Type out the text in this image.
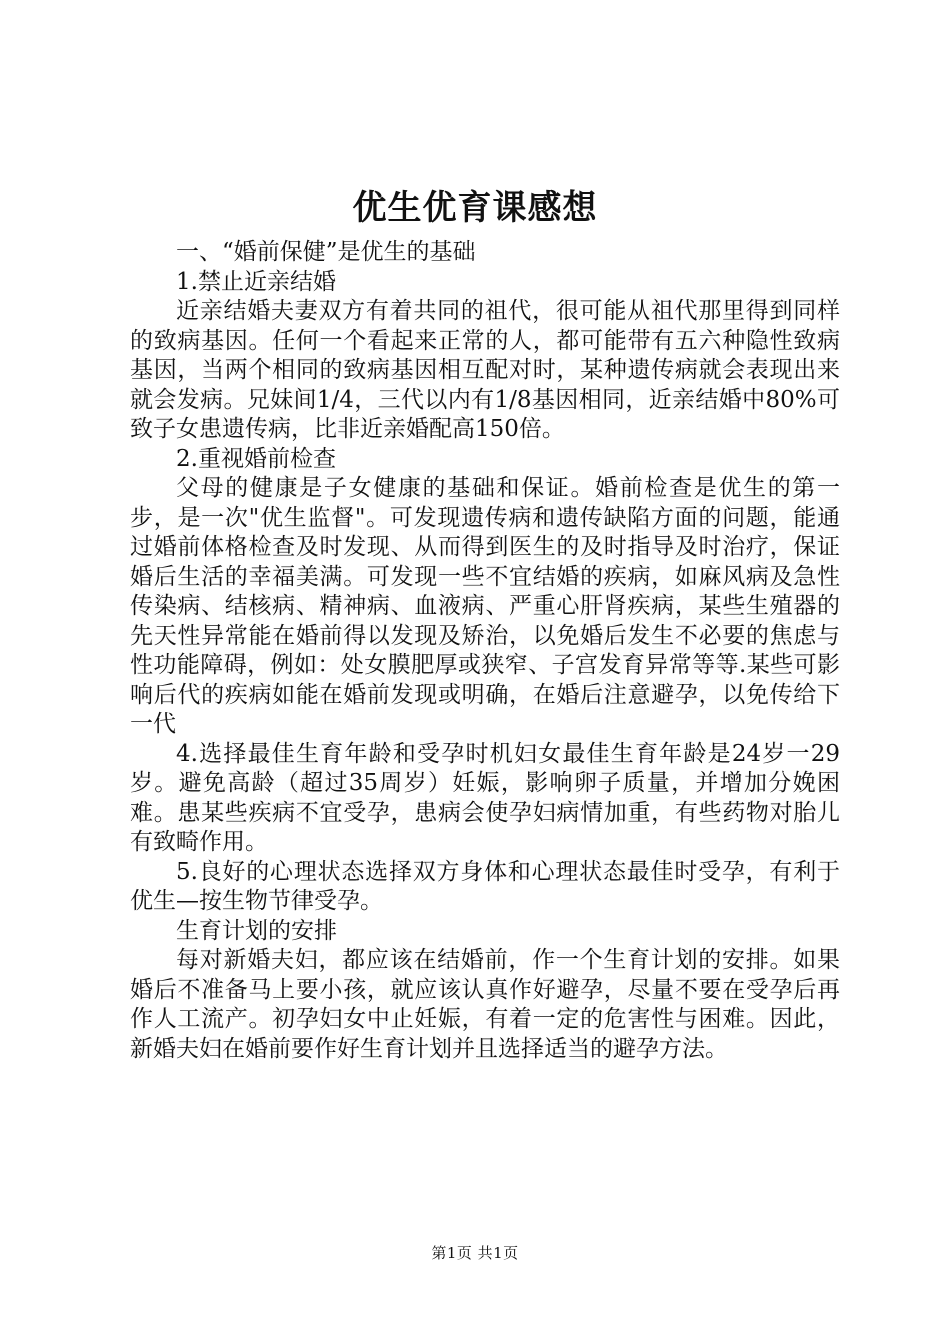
优生优育课感想

一、“婚前保健”是优生的基础

1.禁止近亲结婚

近亲结婚夫妻双方有着共同的祖代，很可能从祖代那里得到同样的致病基因。任何一个看起来正常的人，都可能带有五六种隐性致病基因，当两个相同的致病基因相互配对时，某种遗传病就会表现出来就会发病。兄妹间1/4，三代以内有1/8基因相同，近亲结婚中80%可致子女患遗传病，比非近亲婚配高150倍。

2.重视婚前检查

父母的健康是子女健康的基础和保证。婚前检查是优生的第一步，是一次"优生监督"。可发现遗传病和遗传缺陷方面的问题，能通过婚前体格检查及时发现、从而得到医生的及时指导及时治疗，保证婚后生活的幸福美满。可发现一些不宜结婚的疾病，如麻风病及急性传染病、结核病、精神病、血液病、严重心肝肾疾病，某些生殖器的先天性异常能在婚前得以发现及矫治，以免婚后发生不必要的焦虑与性功能障碍，例如：处女膜肥厚或狭窄、子宫发育异常等等.某些可影响后代的疾病如能在婚前发现或明确，在婚后注意避孕，以免传给下一代

4.选择最佳生育年龄和受孕时机妇女最佳生育年龄是24岁一29岁。避免高龄（超过35周岁）妊娠，影响卵子质量，并增加分娩困难。患某些疾病不宜受孕，患病会使孕妇病情加重，有些药物对胎儿有致畸作用。

5.良好的心理状态选择双方身体和心理状态最佳时受孕，有利于优生—按生物节律受孕。

生育计划的安排

每对新婚夫妇，都应该在结婚前，作一个生育计划的安排。如果婚后不准备马上要小孩，就应该认真作好避孕，尽量不要在受孕后再作人工流产。初孕妇女中止妊娠，有着一定的危害性与困难。因此，新婚夫妇在婚前要作好生育计划并且选择适当的避孕方法。

第1页 共1页
